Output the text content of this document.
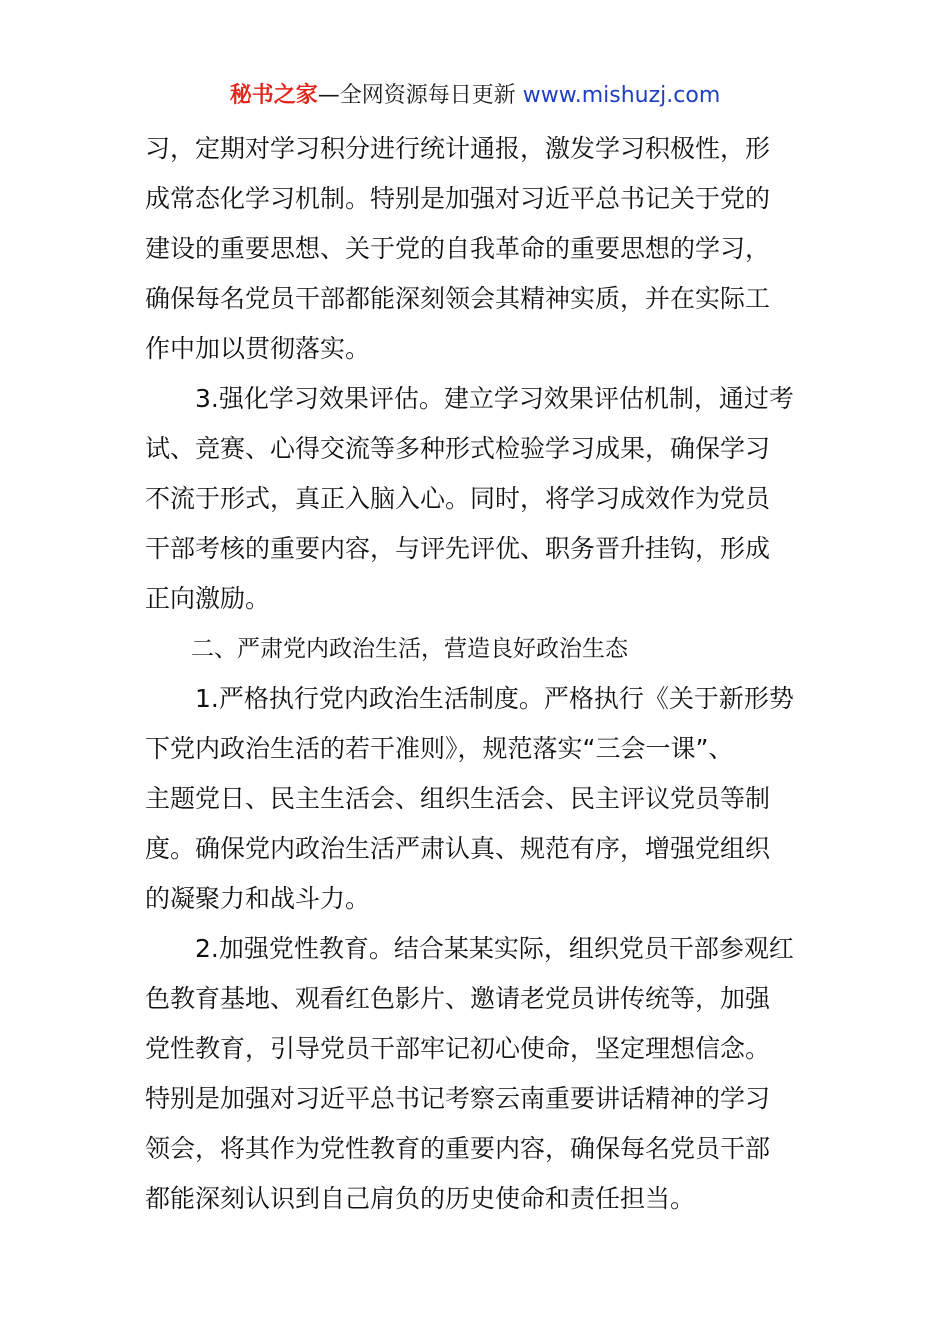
秘书之家—全网资源每日更新 www.mishuzj.com
习，定期对学习积分进行统计通报，激发学习积极性，形
成常态化学习机制。特别是加强对习近平总书记关于党的
建设的重要思想、关于党的自我革命的重要思想的学习，
确保每名党员干部都能深刻领会其精神实质，并在实际工
作中加以贯彻落实。
　　3.强化学习效果评估。建立学习效果评估机制，通过考
试、竞赛、心得交流等多种形式检验学习成果，确保学习
不流于形式，真正入脑入心。同时，将学习成效作为党员
干部考核的重要内容，与评先评优、职务晋升挂钩，形成
正向激励。
　　二、严肃党内政治生活，营造良好政治生态
　　1.严格执行党内政治生活制度。严格执行《关于新形势
下党内政治生活的若干准则》，规范落实“三会一课”、
主题党日、民主生活会、组织生活会、民主评议党员等制
度。确保党内政治生活严肃认真、规范有序，增强党组织
的凝聚力和战斗力。
　　2.加强党性教育。结合某某实际，组织党员干部参观红
色教育基地、观看红色影片、邀请老党员讲传统等，加强
党性教育，引导党员干部牢记初心使命，坚定理想信念。
特别是加强对习近平总书记考察云南重要讲话精神的学习
领会，将其作为党性教育的重要内容，确保每名党员干部
都能深刻认识到自己肩负的历史使命和责任担当。
